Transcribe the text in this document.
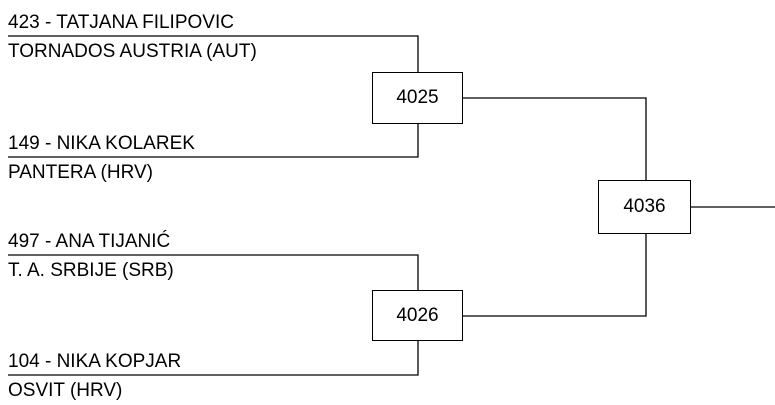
423 - TATJANA FILIPOVIC
TORNADOS AUSTRIA (AUT)
149 - NIKA KOLAREK
PANTERA (HRV)
497 - ANA TIJANIĆ
T. A. SRBIJE (SRB)
104 - NIKA KOPJAR
OSVIT (HRV)
4025
4026
4036
